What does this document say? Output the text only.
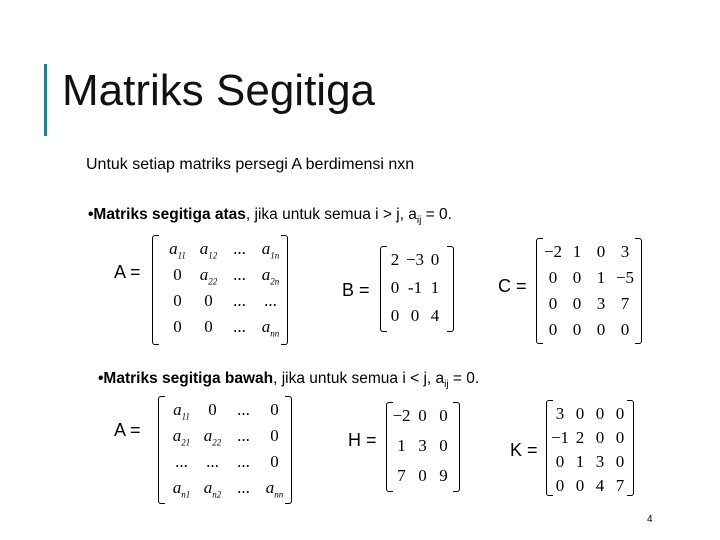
Matriks Segitiga
Untuk setiap matriks persegi A berdimensi nxn
•Matriks segitiga atas, jika untuk semua i > j, $a_{ij} = 0$.
A =
B =	C =
•Matriks segitiga bawah, jika untuk semua i < j, $a_{ij} = 0$.
A =	H =	K =
$a_{11}$ $a_{12}$ ... $a_{1n}$
0	$a_{22}$ ... $a_{2n}$
0	0	...	...
0	0	... $a_{nn}$
2 −3 0
0 -1 1
0 0 4
−2 1 0 3
0 0 1 −5
0 0 3 7
0 0 0 0
$a_{11}$	0	...	0
$a_{21}$ $a_{22}$ ...	0
...	...	...	0
$a_{n1}$ $a_{n2}$ ... $a_{nn}$
−2 0 0
1 3 0
7 0 9
3 0 0 0
−1 2 0 0
0 1 3 0
0 0 4 7
4
